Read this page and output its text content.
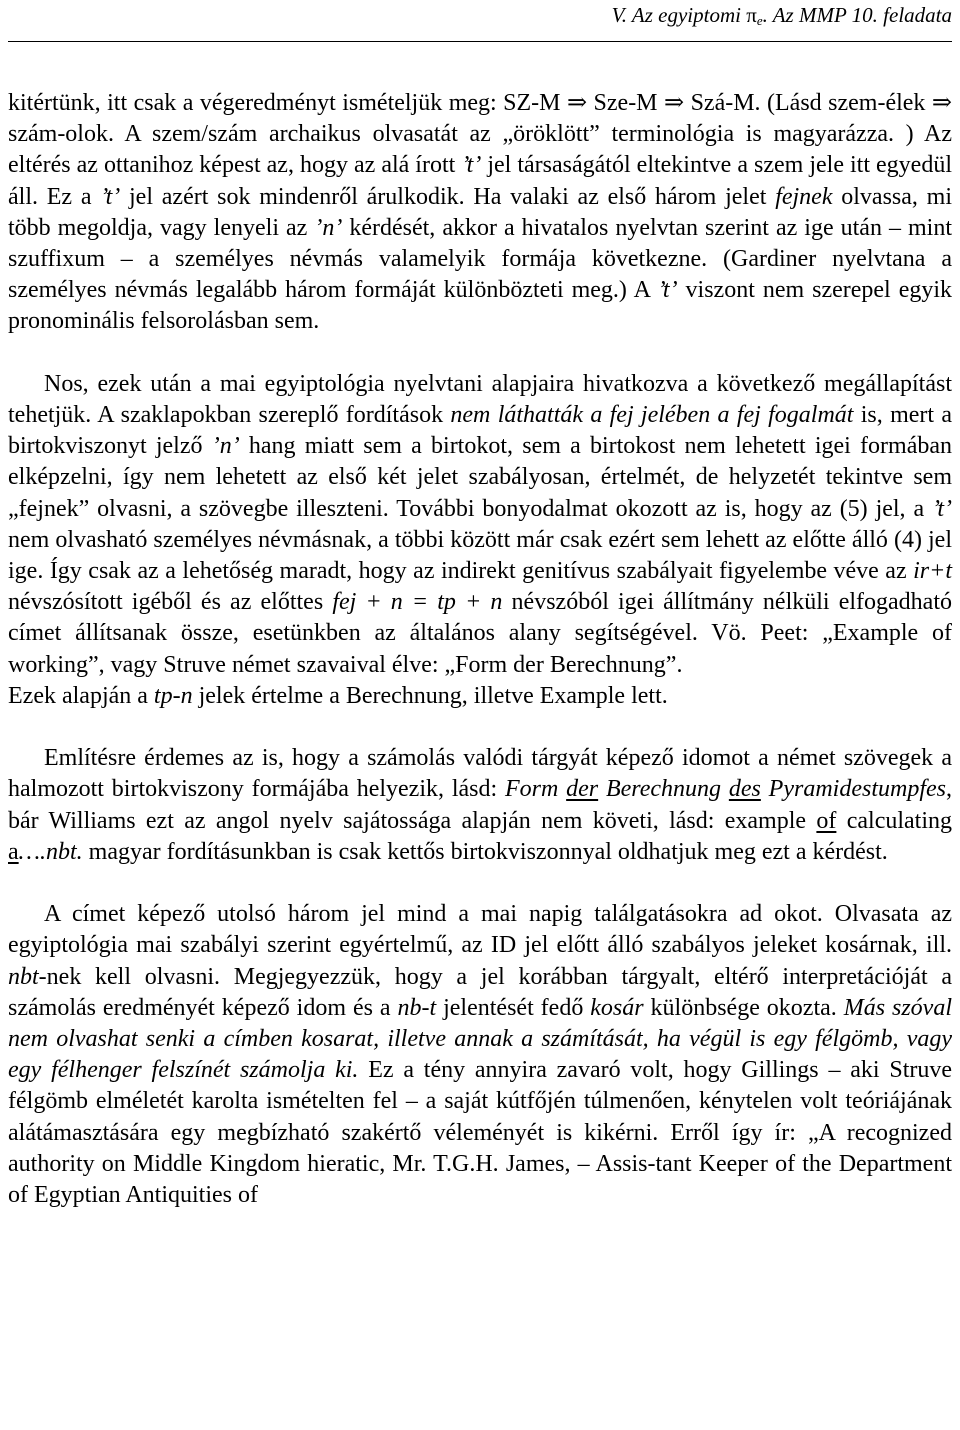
V. Az egyiptomi πe. Az MMP 10. feladata

kitértünk, itt csak a végeredményt ismételjük meg: SZ-M ⇒ Sze-M ⇒ Szá-M. (Lásd szem-élek ⇒ szám-olok. A szem/szám archaikus olvasatát az „öröklött” terminológia is magyarázza. ) Az eltérés az ottanihoz képest az, hogy az alá írott ’t’ jel társaságától eltekintve a szem jele itt egyedül áll. Ez a ’t’ jel azért sok mindenről árulkodik. Ha valaki az első három jelet fejnek olvassa, mi több megoldja, vagy lenyeli az ’n’ kérdését, akkor a hivatalos nyelvtan szerint az ige után – mint szuffixum – a személyes névmás valamelyik formája következne. (Gardiner nyelvtana a személyes névmás legalább három formáját különbözteti meg.) A ’t’ viszont nem szerepel egyik pronominális felsorolásban sem.

Nos, ezek után a mai egyiptológia nyelvtani alapjaira hivatkozva a következő megállapítást tehetjük. A szaklapokban szereplő fordítások nem láthatták a fej jelében a fej fogalmát is, mert a birtokviszonyt jelző ’n’ hang miatt sem a birtokot, sem a birtokost nem lehetett igei formában elképzelni, így nem lehetett az első két jelet szabályosan, értelmét, de helyzetét tekintve sem „fejnek” olvasni, a szövegbe illeszteni. További bonyodalmat okozott az is, hogy az (5) jel, a ’t’ nem olvasható személyes névmásnak, a többi között már csak ezért sem lehett az előtte álló (4) jel ige. Így csak az a lehetőség maradt, hogy az indirekt genitívus szabályait figyelembe véve az ir+t névszósított igéből és az előttes fej + n = tp + n névszóból igei állítmány nélküli elfogadható címet állítsanak össze, esetünkben az általános alany segítségével. Vö. Peet: „Example of working”, vagy Struve német szavaival élve: „Form der Berechnung”.
Ezek alapján a tp-n jelek értelme a Berechnung, illetve Example lett.

Említésre érdemes az is, hogy a számolás valódi tárgyát képező idomot a német szövegek a halmozott birtokviszony formájába helyezik, lásd: Form der Berechnung des Pyramidestumpfes, bár Williams ezt az angol nyelv sajátossága alapján nem követi, lásd: example of calculating a….nbt. magyar fordításunkban is csak kettős birtokviszonnyal oldhatjuk meg ezt a kérdést.

A címet képező utolsó három jel mind a mai napig találgatásokra ad okot. Olvasata az egyiptológia mai szabályi szerint egyértelmű, az ID jel előtt álló szabályos jeleket kosárnak, ill. nbt-nek kell olvasni. Megjegyezzük, hogy a jel korábban tárgyalt, eltérő interpretációját a számolás eredményét képező idom és a nb-t jelentését fedő kosár különbsége okozta. Más szóval nem olvashat senki a címben kosarat, illetve annak a számítását, ha végül is egy félgömb, vagy egy félhenger felszínét számolja ki. Ez a tény annyira zavaró volt, hogy Gillings – aki Struve félgömb elméletét karolta ismételten fel – a saját kútfőjén túlmenően, kénytelen volt teóriájának alátámasztására egy megbízható szakértő véleményét is kikérni. Erről így ír: „A recognized authority on Middle Kingdom hieratic, Mr. T.G.H. James, – Assis-tant Keeper of the Department of Egyptian Antiquities of
